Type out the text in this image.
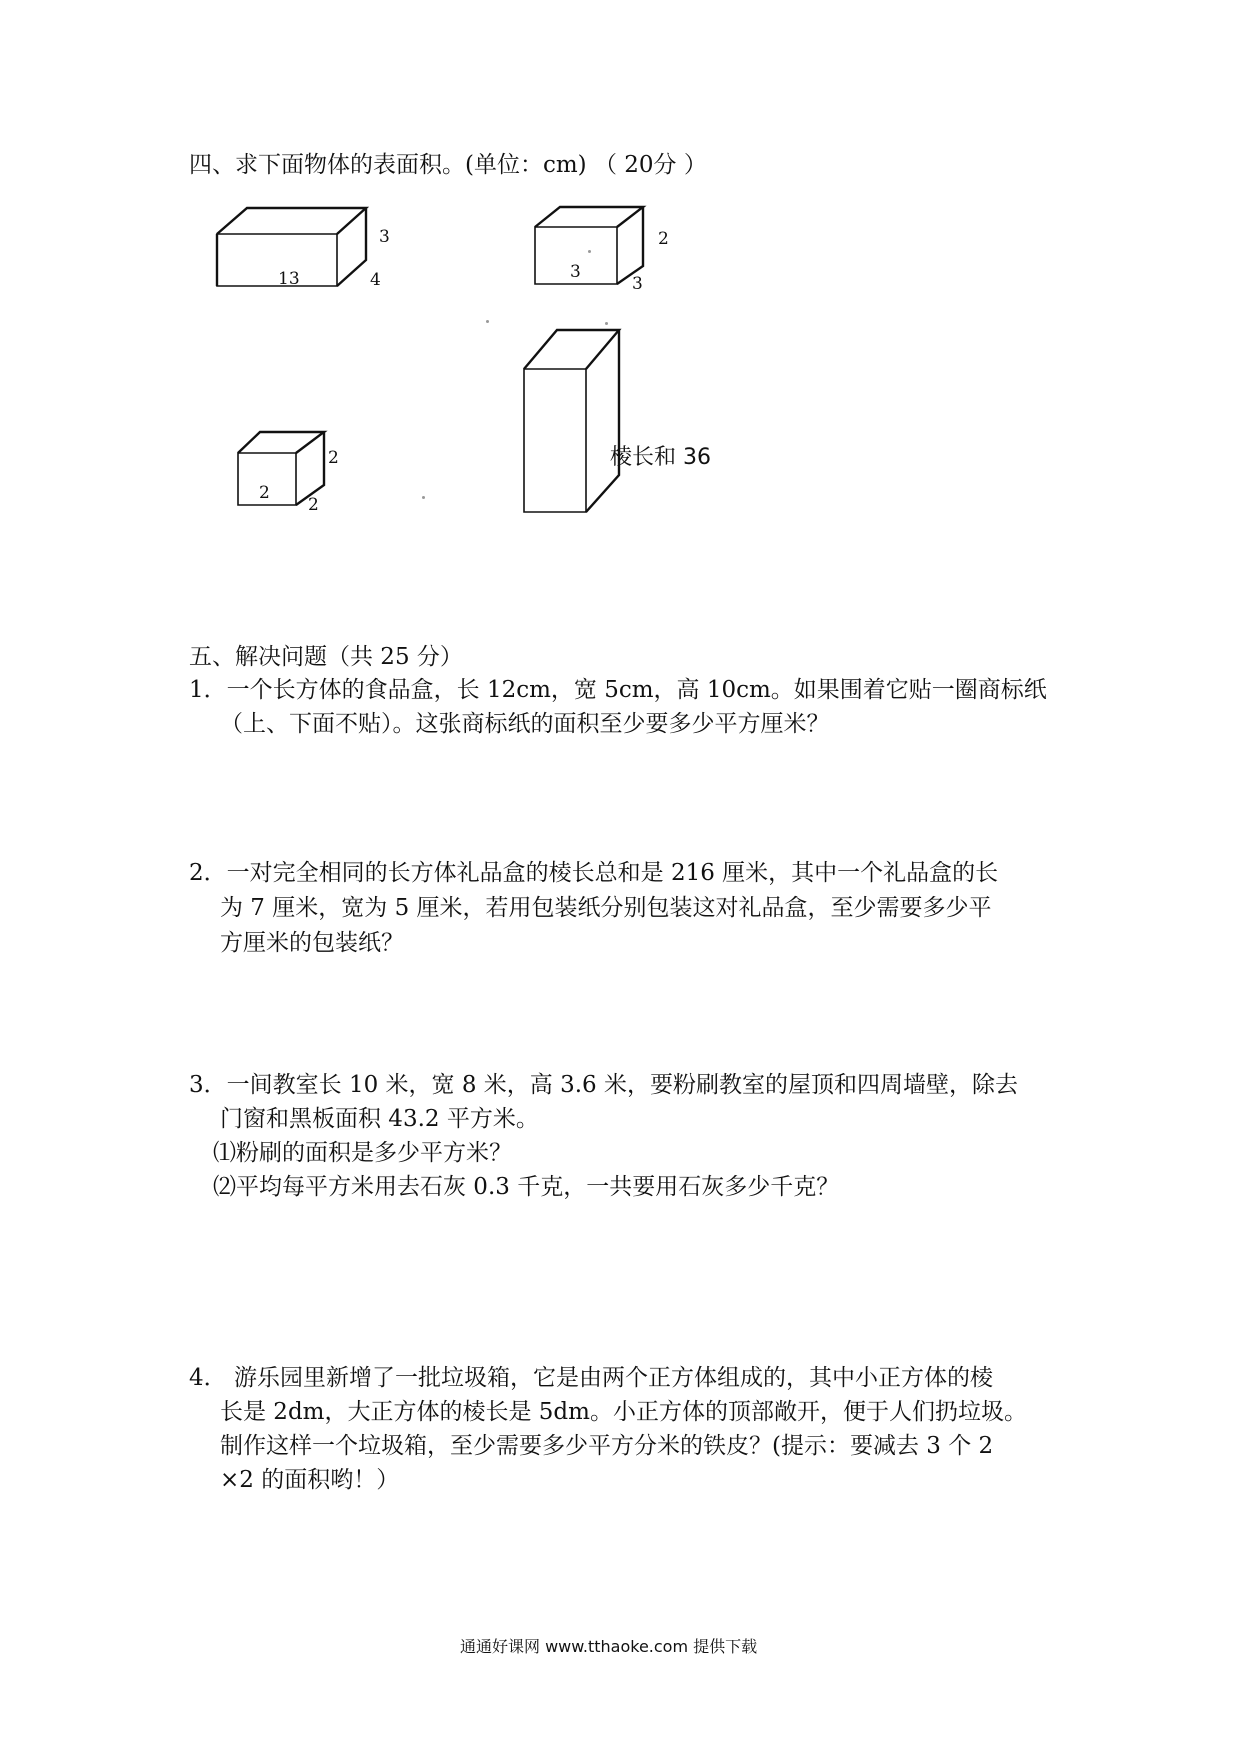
四、求下面物体的表面积。(单位：cm) （ 20分 ）
3
13	4
2
3
3
2
2
2
棱长和 36
五、解决问题（共 25 分）
1．一个长方体的食品盒，长 12cm，宽 5cm，高 10cm。如果围着它贴一圈商标纸
（上、下面不贴）。这张商标纸的面积至少要多少平方厘米？
2．一对完全相同的长方体礼品盒的棱长总和是 216 厘米，其中一个礼品盒的长
为 7 厘米，宽为 5 厘米，若用包装纸分别包装这对礼品盒，至少需要多少平
方厘米的包装纸？
3．一间教室长 10 米，宽 8 米，高 3.6 米，要粉刷教室的屋顶和四周墙壁，除去
门窗和黑板面积 43.2 平方米。
⑴粉刷的面积是多少平方米？
⑵平均每平方米用去石灰 0.3 千克，一共要用石灰多少千克？
4． 游乐园里新增了一批垃圾箱，它是由两个正方体组成的，其中小正方体的棱
长是 2dm，大正方体的棱长是 5dm。小正方体的顶部敞开，便于人们扔垃圾。
制作这样一个垃圾箱，至少需要多少平方分米的铁皮？(提示：要减去 3 个 2
×2 的面积哟！）
通通好课网 www.tthaoke.com 提供下载
